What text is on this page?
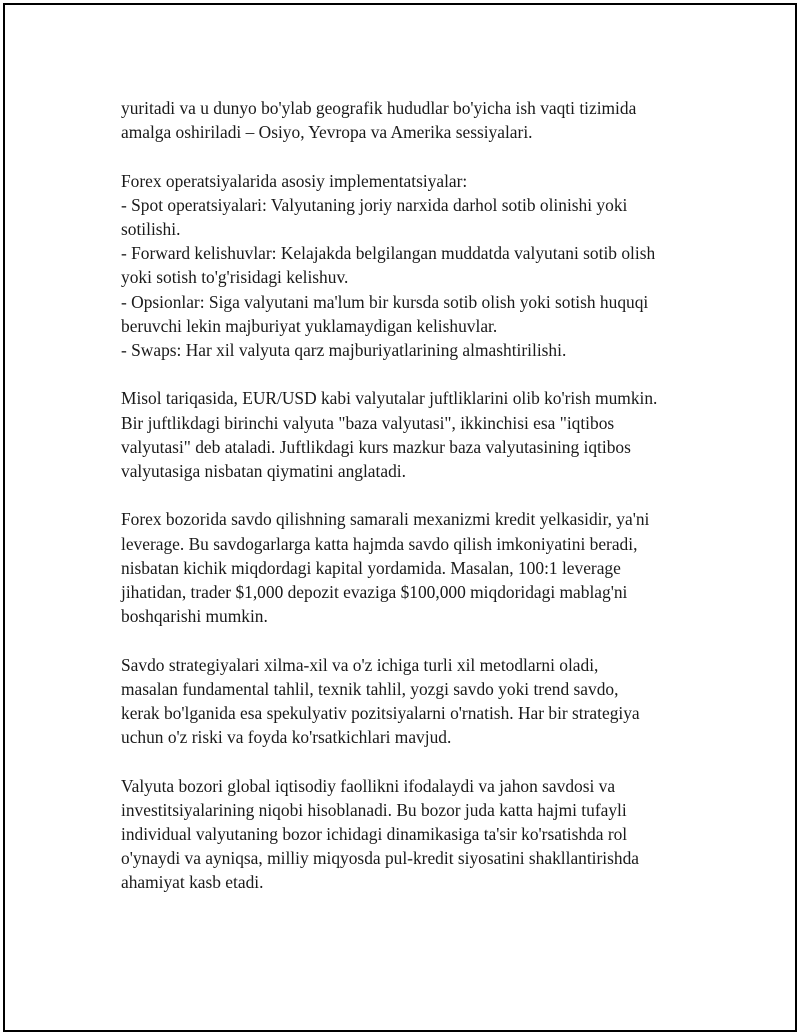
yuritadi va u dunyo bo'ylab geografik hududlar bo'yicha ish vaqti tizimida
amalga oshiriladi – Osiyo, Yevropa va Amerika sessiyalari.

Forex operatsiyalarida asosiy implementatsiyalar:
- Spot operatsiyalari: Valyutaning joriy narxida darhol sotib olinishi yoki
sotilishi.
- Forward kelishuvlar: Kelajakda belgilangan muddatda valyutani sotib olish
yoki sotish to'g'risidagi kelishuv.
- Opsionlar: Siga valyutani ma'lum bir kursda sotib olish yoki sotish huquqi
beruvchi lekin majburiyat yuklamaydigan kelishuvlar.
- Swaps: Har xil valyuta qarz majburiyatlarining almashtirilishi.

Misol tariqasida, EUR/USD kabi valyutalar juftliklarini olib ko'rish mumkin.
Bir juftlikdagi birinchi valyuta "baza valyutasi", ikkinchisi esa "iqtibos
valyutasi" deb ataladi. Juftlikdagi kurs mazkur baza valyutasining iqtibos
valyutasiga nisbatan qiymatini anglatadi.

Forex bozorida savdo qilishning samarali mexanizmi kredit yelkasidir, ya'ni
leverage. Bu savdogarlarga katta hajmda savdo qilish imkoniyatini beradi,
nisbatan kichik miqdordagi kapital yordamida. Masalan, 100:1 leverage
jihatidan, trader $1,000 depozit evaziga $100,000 miqdoridagi mablag'ni
boshqarishi mumkin.

Savdo strategiyalari xilma-xil va o'z ichiga turli xil metodlarni oladi,
masalan fundamental tahlil, texnik tahlil, yozgi savdo yoki trend savdo,
kerak bo'lganida esa spekulyativ pozitsiyalarni o'rnatish. Har bir strategiya
uchun o'z riski va foyda ko'rsatkichlari mavjud.

Valyuta bozori global iqtisodiy faollikni ifodalaydi va jahon savdosi va
investitsiyalarining niqobi hisoblanadi. Bu bozor juda katta hajmi tufayli
individual valyutaning bozor ichidagi dinamikasiga ta'sir ko'rsatishda rol
o'ynaydi va ayniqsa, milliy miqyosda pul-kredit siyosatini shakllantirishda
ahamiyat kasb etadi.
